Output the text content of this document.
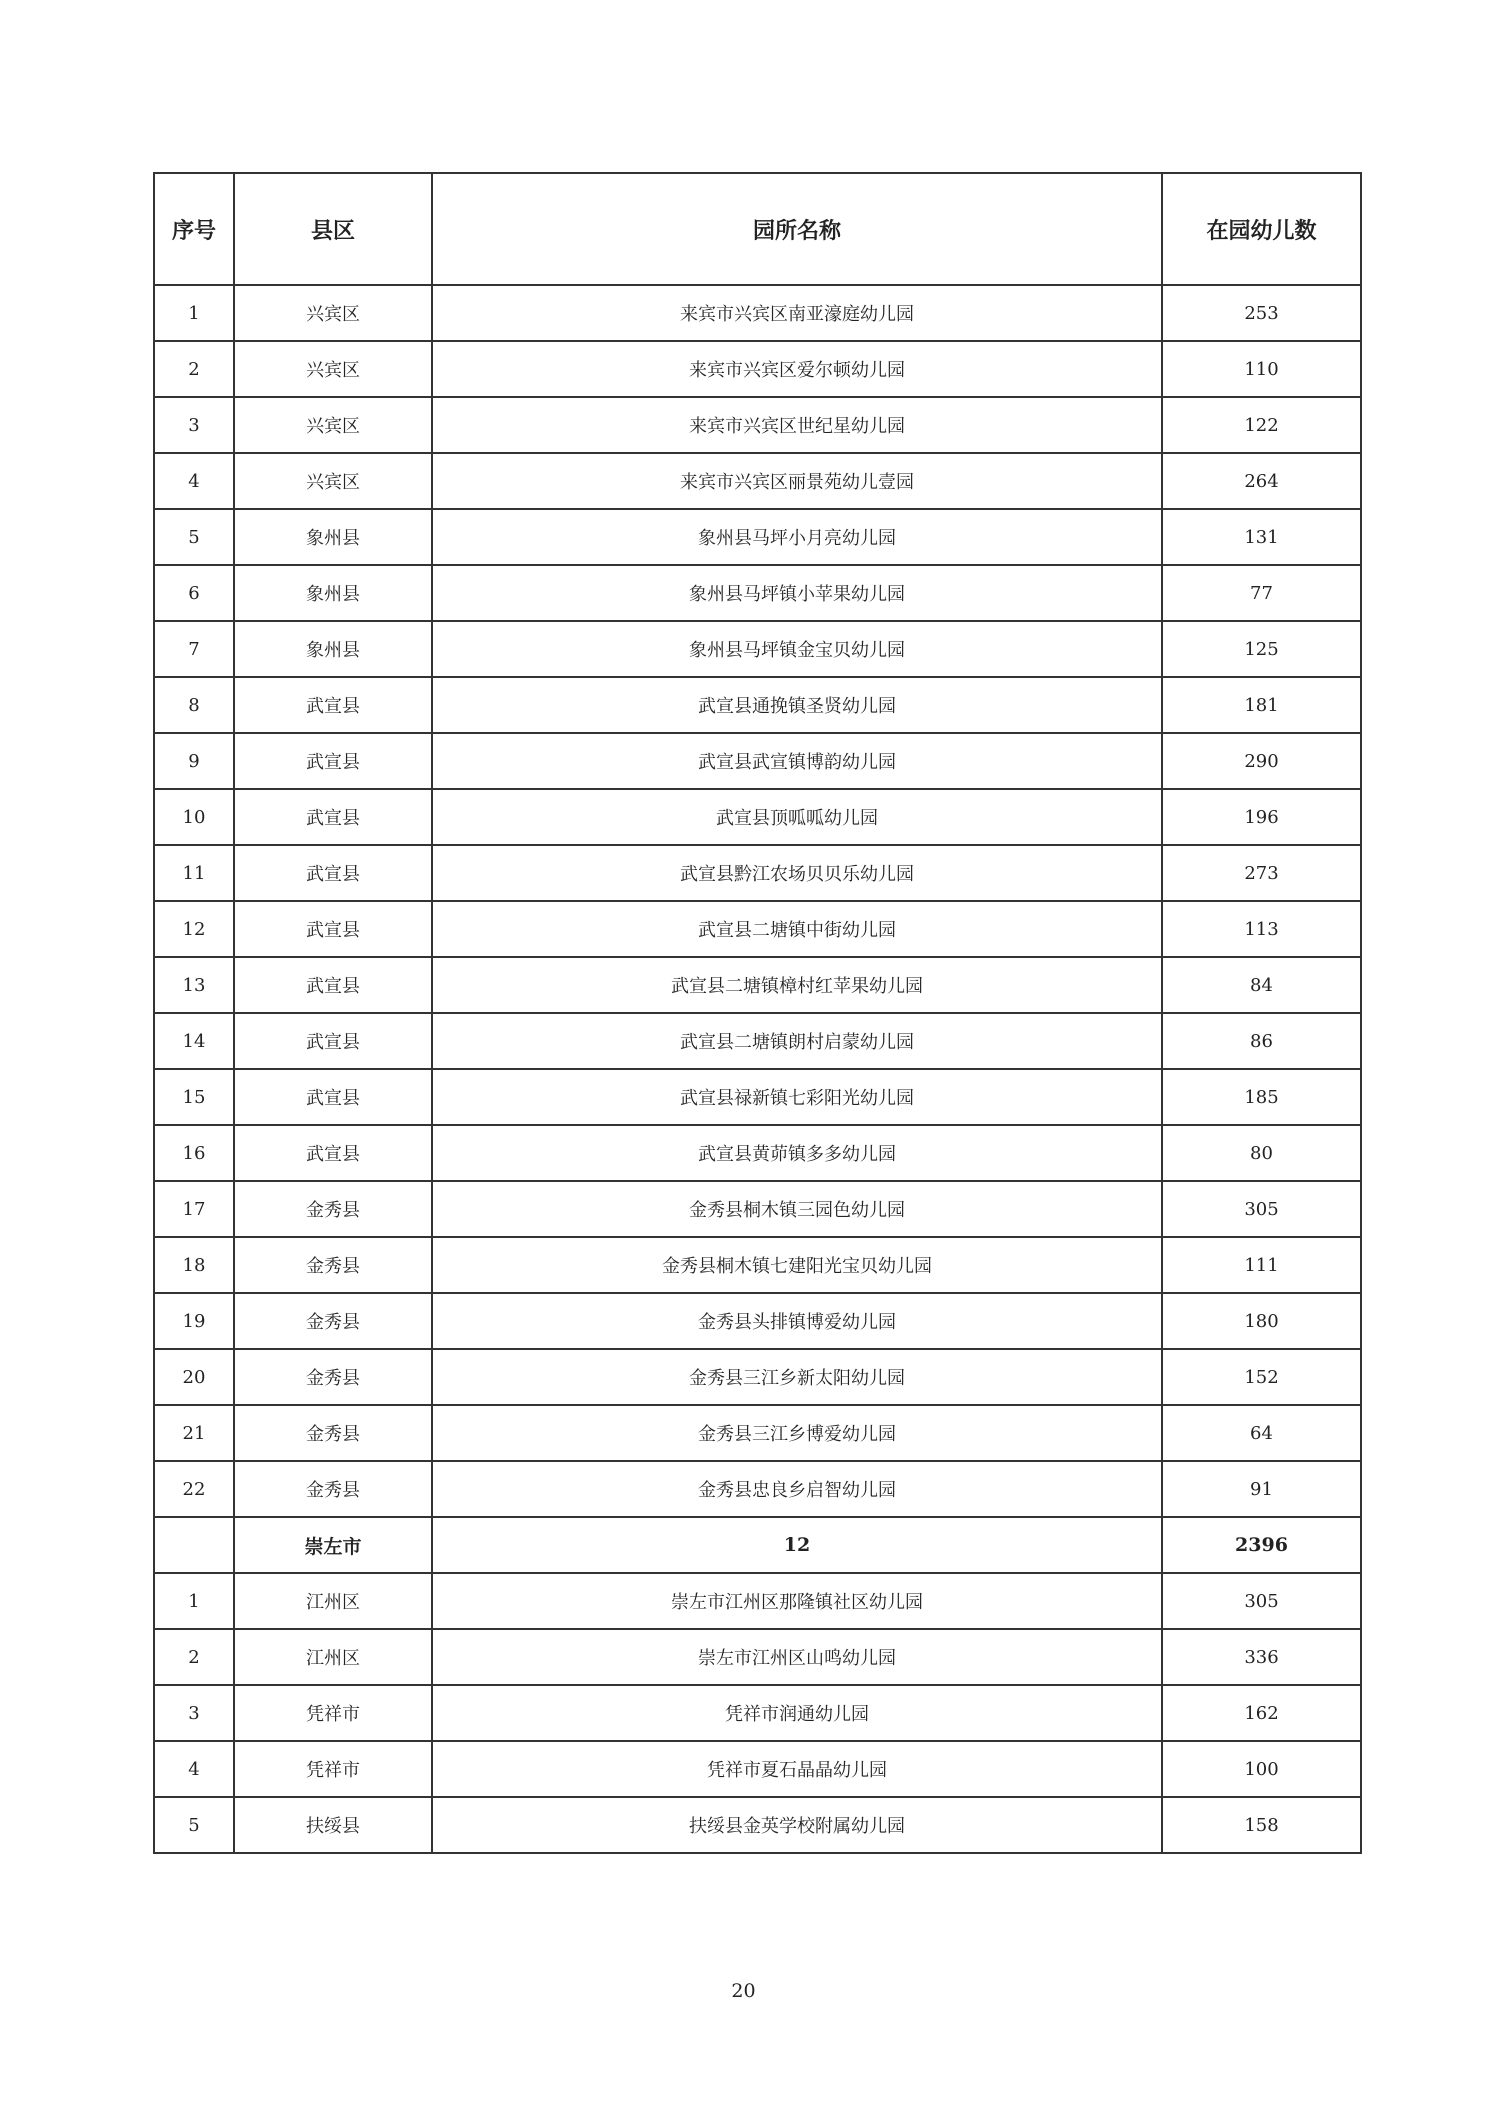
序号	县区	园所名称	在园幼儿数
1	兴宾区	来宾市兴宾区南亚濠庭幼儿园	253
2	兴宾区	来宾市兴宾区爱尔顿幼儿园	110
3	兴宾区	来宾市兴宾区世纪星幼儿园	122
4	兴宾区	来宾市兴宾区丽景苑幼儿壹园	264
5	象州县	象州县马坪小月亮幼儿园	131
6	象州县	象州县马坪镇小苹果幼儿园	77
7	象州县	象州县马坪镇金宝贝幼儿园	125
8	武宣县	武宣县通挽镇圣贤幼儿园	181
9	武宣县	武宣县武宣镇博韵幼儿园	290
10	武宣县	武宣县顶呱呱幼儿园	196
11	武宣县	武宣县黔江农场贝贝乐幼儿园	273
12	武宣县	武宣县二塘镇中街幼儿园	113
13	武宣县	武宣县二塘镇樟村红苹果幼儿园	84
14	武宣县	武宣县二塘镇朗村启蒙幼儿园	86
15	武宣县	武宣县禄新镇七彩阳光幼儿园	185
16	武宣县	武宣县黄茆镇多多幼儿园	80
17	金秀县	金秀县桐木镇三园色幼儿园	305
18	金秀县	金秀县桐木镇七建阳光宝贝幼儿园	111
19	金秀县	金秀县头排镇博爱幼儿园	180
20	金秀县	金秀县三江乡新太阳幼儿园	152
21	金秀县	金秀县三江乡博爱幼儿园	64
22	金秀县	金秀县忠良乡启智幼儿园	91
	崇左市	12	2396
1	江州区	崇左市江州区那隆镇社区幼儿园	305
2	江州区	崇左市江州区山鸣幼儿园	336
3	凭祥市	凭祥市润通幼儿园	162
4	凭祥市	凭祥市夏石晶晶幼儿园	100
5	扶绥县	扶绥县金英学校附属幼儿园	158
20
